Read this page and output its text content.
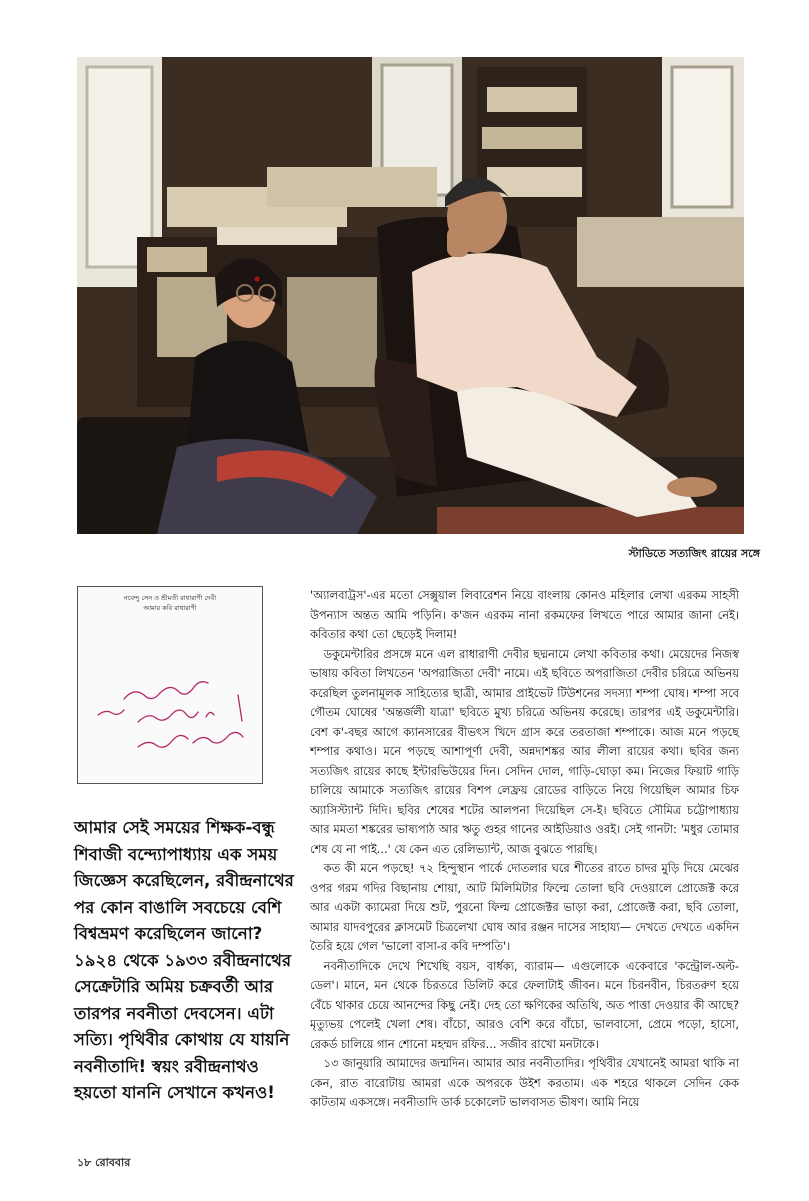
স্টাডিতে সত্যজিৎ রায়ের সঙ্গে
নবেন্দু সেন ও শ্রীমতী রাধারাণী দেবী
আমার কবি রাধারাণী

আমার সেই সময়ের শিক্ষক-বন্ধু শিবাজী বন্দ্যোপাধ্যায় এক সময় জিজ্ঞেস করেছিলেন, রবীন্দ্রনাথের পর কোন বাঙালি সবচেয়ে বেশি বিশ্বভ্রমণ করেছিলেন জানো? ১৯২৪ থেকে ১৯৩৩ রবীন্দ্রনাথের সেক্রেটারি অমিয় চক্রবর্তী আর তারপর নবনীতা দেবসেন। এটা সত্যি। পৃথিবীর কোথায় যে যায়নি নবনীতাদি! স্বয়ং রবীন্দ্রনাথও হয়তো যাননি সেখানে কখনও!

'অ্যালবাট্রস'-এর মতো সেক্সুয়াল লিবারেশন নিয়ে বাংলায় কোনও মহিলার লেখা এরকম সাহসী উপন্যাস অন্তত আমি পড়িনি। ক'জন এরকম নানা রকমফের লিখতে পারে আমার জানা নেই। কবিতার কথা তো ছেড়েই দিলাম!

ডকুমেন্টারির প্রসঙ্গে মনে এল রাধারাণী দেবীর ছদ্মনামে লেখা কবিতার কথা। মেয়েদের নিজস্ব ভাষায় কবিতা লিখতেন 'অপরাজিতা দেবী' নামে। এই ছবিতে অপরাজিতা দেবীর চরিত্রে অভিনয় করেছিল তুলনামূলক সাহিত্যের ছাত্রী, আমার প্রাইভেট টিউশনের সদস্যা শম্পা ঘোষ। শম্পা সবে গৌতম ঘোষের 'অন্তর্জলী যাত্রা' ছবিতে মুখ্য চরিত্রে অভিনয় করেছে। তারপর এই ডকুমেন্টারি। বেশ ক'-বছর আগে ক্যানসারের বীভৎস খিদে গ্রাস করে তরতাজা শম্পাকে। আজ মনে পড়ছে শম্পার কথাও। মনে পড়ছে আশাপূর্ণা দেবী, অন্নদাশঙ্কর আর লীলা রায়ের কথা। ছবির জন্য সত্যজিৎ রায়ের কাছে ইন্টারভিউয়ের দিন। সেদিন দোল, গাড়ি-ঘোড়া কম। নিজের ফিয়াট গাড়ি চালিয়ে আমাকে সত্যজিৎ রায়ের বিশপ লেফ্রয় রোডের বাড়িতে নিয়ে গিয়েছিল আমার চিফ অ্যাসিস্ট্যান্ট দিদি। ছবির শেষের শটের আলপনা দিয়েছিল সে-ই। ছবিতে সৌমিত্র চট্টোপাধ্যায় আর মমতা শঙ্করের ভাষ্যপাঠ আর ঋতু গুহর গানের আইডিয়াও ওরই। সেই গানটা: 'মধুর তোমার শেষ যে না পাই...' যে কেন এত রেলিভ্যান্ট, আজ বুঝতে পারছি।

কত কী মনে পড়ছে! ৭২ হিন্দুস্থান পার্কে দোতলার ঘরে শীতের রাতে চাদর মুড়ি দিয়ে মেঝের ওপর গরম গদির বিছানায় শোয়া, আট মিলিমিটার ফিল্মে তোলা ছবি দেওয়ালে প্রোজেক্ট করে আর একটা ক্যামেরা দিয়ে শুট, পুরনো ফিল্ম প্রোজেক্টর ভাড়া করা, প্রোজেক্ট করা, ছবি তোলা, আমার যাদবপুরের ক্লাসমেট চিত্রলেখা ঘোষ আর রঞ্জন দাসের সাহায্য— দেখতে দেখতে একদিন তৈরি হয়ে গেল 'ভালো বাসা-র কবি দম্পতি'।

নবনীতাদিকে দেখে শিখেছি বয়স, বার্ধক্য, ব্যারাম— এগুলোকে একেবারে 'কন্ট্রোল-অল্ট-ডেল'। মানে, মন থেকে চিরতরে ডিলিট করে ফেলাটাই জীবন। মনে চিরনবীন, চিরতরুণ হয়ে বেঁচে থাকার চেয়ে আনন্দের কিছু নেই। দেহ তো ক্ষণিকের অতিথি, অত পাত্তা দেওয়ার কী আছে? মৃত্যুভয় পেলেই খেলা শেষ। বাঁচো, আরও বেশি করে বাঁচো, ভালবাসো, প্রেমে পড়ো, হাসো, রেকর্ড চালিয়ে গান শোনো মহম্মদ রফির... সজীব রাখো মনটাকে।

১৩ জানুয়ারি আমাদের জন্মদিন। আমার আর নবনীতাদির। পৃথিবীর যেখানেই আমরা থাকি না কেন, রাত বারোটায় আমরা একে অপরকে উইশ করতাম। এক শহরে থাকলে সেদিন কেক কাটতাম একসঙ্গে। নবনীতাদি ডার্ক চকোলেট ভালবাসত ভীষণ। আমি নিয়ে

১৮ রোববার
